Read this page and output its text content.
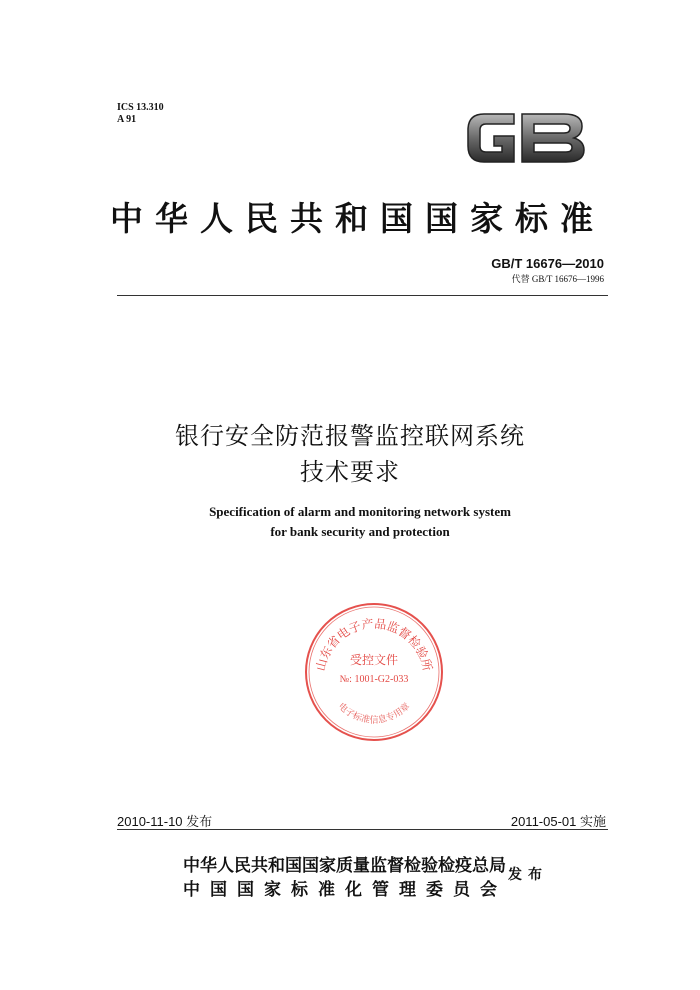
ICS 13.310
A 91
中华人民共和国国家标准
GB/T 16676—2010
代替 GB/T 16676—1996
银行安全防范报警监控联网系统
技术要求
Specification of alarm and monitoring network system
for bank security and protection
山东省电子产品监督检验所
受控文件
№: 1001-G2-033
电子标准信息专用章
2010-11-10 发布	2011-05-01 实施
中华人民共和国国家质量监督检验检疫总局
中国国家标准化管理委员会
发布
